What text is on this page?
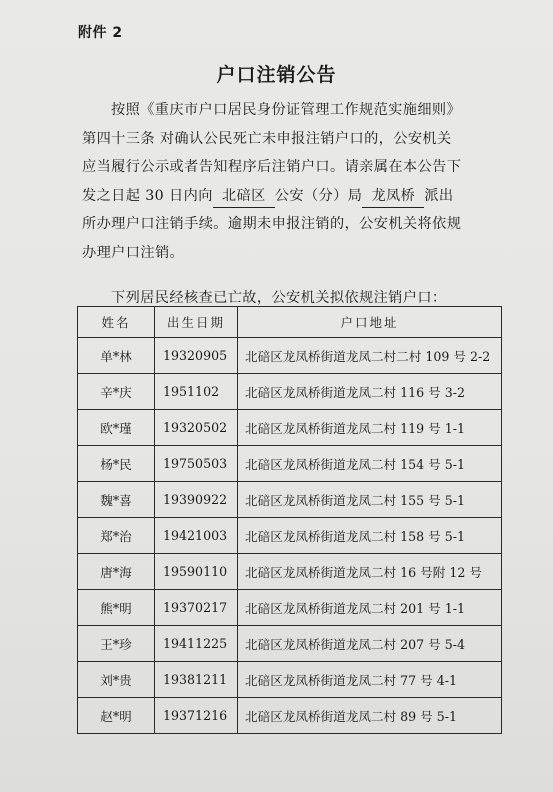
附件 2
户口注销公告
按照《重庆市户口居民身份证管理工作规范实施细则》
第四十三条 对确认公民死亡未申报注销户口的，公安机关
应当履行公示或者告知程序后注销户口。请亲属在本公告下
发之日起 30 日内向 北碚区 公安（分）局 龙凤桥 派出
所办理户口注销手续。逾期未申报注销的，公安机关将依规
办理户口注销。
下列居民经核查已亡故，公安机关拟依规注销户口：
姓名	出生日期	户口地址
单*林	19320905	北碚区龙凤桥街道龙凤二村二村 109 号 2-2
辛*庆	1951102	北碚区龙凤桥街道龙凤二村 116 号 3-2
欧*瑾	19320502	北碚区龙凤桥街道龙凤二村 119 号 1-1
杨*民	19750503	北碚区龙凤桥街道龙凤二村 154 号 5-1
魏*喜	19390922	北碚区龙凤桥街道龙凤二村 155 号 5-1
郑*治	19421003	北碚区龙凤桥街道龙凤二村 158 号 5-1
唐*海	19590110	北碚区龙凤桥街道龙凤二村 16 号附 12 号
熊*明	19370217	北碚区龙凤桥街道龙凤二村 201 号 1-1
王*珍	19411225	北碚区龙凤桥街道龙凤二村 207 号 5-4
刘*贵	19381211	北碚区龙凤桥街道龙凤二村 77 号 4-1
赵*明	19371216	北碚区龙凤桥街道龙凤二村 89 号 5-1
